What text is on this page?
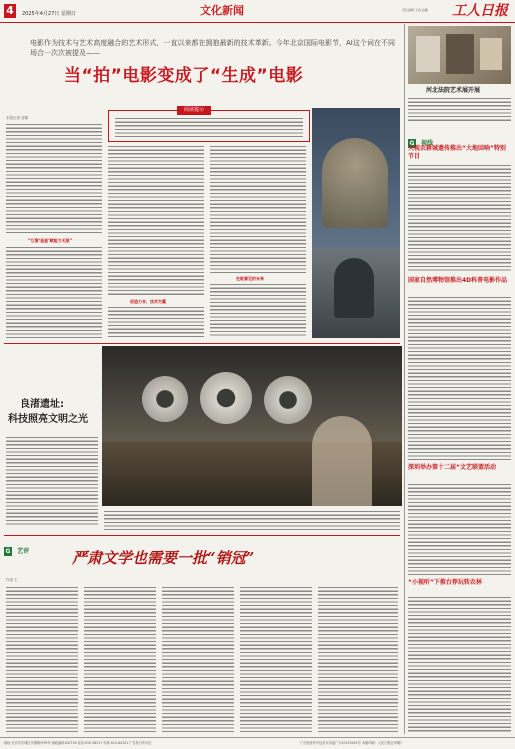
4	2025年4月27日 星期日	文化新闻	责任编辑 王斌 赵鑫	工人日报
电影作为技术与艺术高度融合的艺术形式，一直以来都在拥抱最新的技术革新。今年北京国际电影节，AI这个词在不同场合一次次被提及——
当“拍”电影变成了“生成”电影
本报记者 邹倩
“它像‘造星’赋能力无限”
阅读提示
创造力本、技术为翼
在能看见的未来
良渚遗址:
科技照亮文明之光
G 艺评	严肃文学也需要一批“销冠”
作者 王
河北法院艺术展开展
G 视线
央视农耕城遗传推出“大地回响”特别节目
国家自然博物馆推出4D科普电影作品
深圳举办第十二届“文艺联盟活动
“小视听”下推台荐玩转农林
地址:北京市东城区安德路甲99号 邮政编码100718 电话:010-58217 传真:010-84151 广告发行许可证	广告经营许可证京东市监广字20170051号 本版印刷：人民日报社印刷厂
